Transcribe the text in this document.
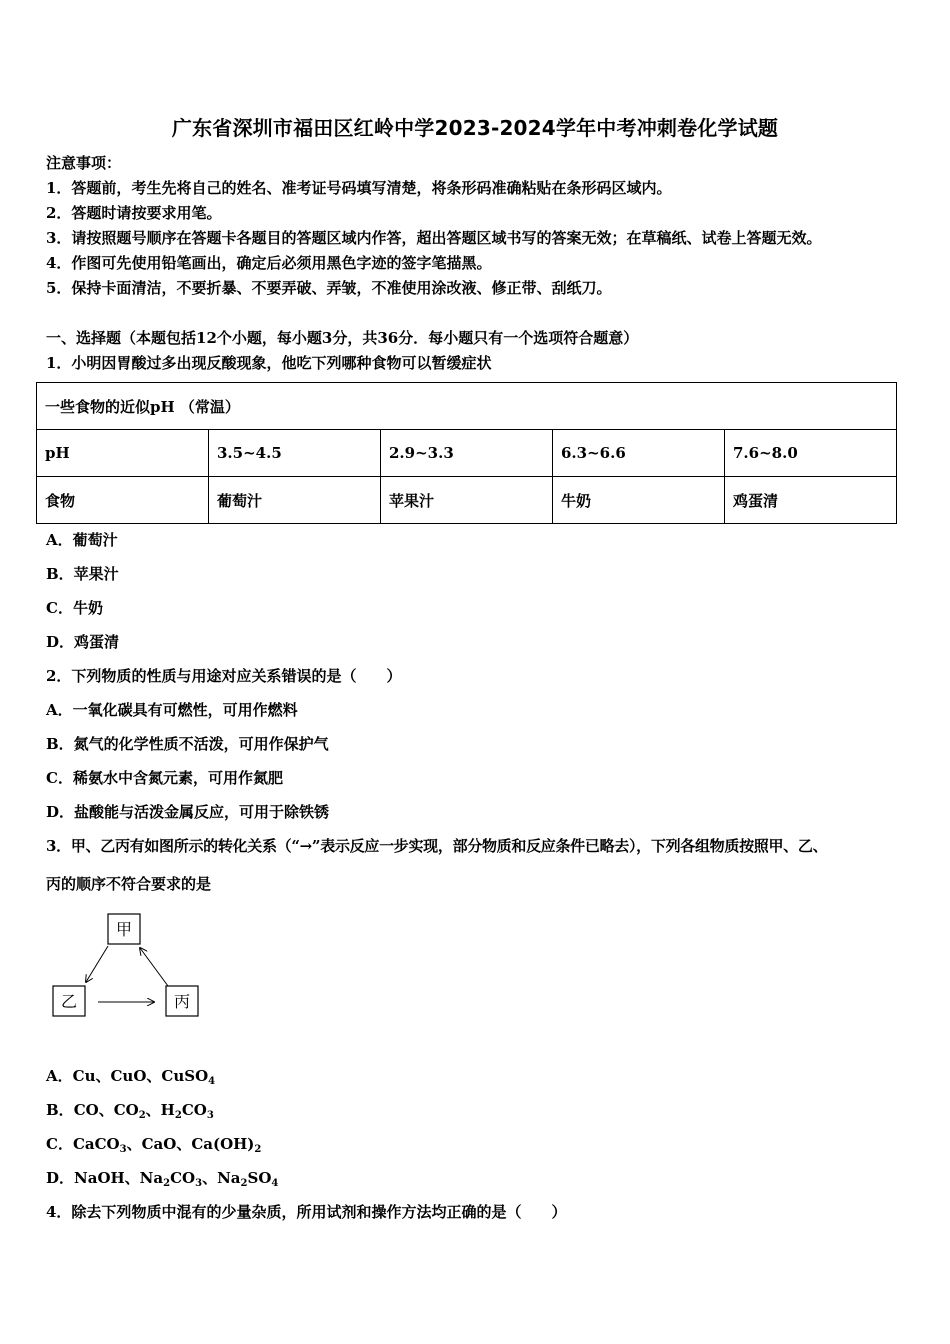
广东省深圳市福田区红岭中学2023-2024学年中考冲刺卷化学试题
注意事项：
1．答题前，考生先将自己的姓名、准考证号码填写清楚，将条形码准确粘贴在条形码区域内。
2．答题时请按要求用笔。
3．请按照题号顺序在答题卡各题目的答题区域内作答，超出答题区域书写的答案无效；在草稿纸、试卷上答题无效。
4．作图可先使用铅笔画出，确定后必须用黑色字迹的签字笔描黑。
5．保持卡面清洁，不要折暴、不要弄破、弄皱，不准使用涂改液、修正带、刮纸刀。
一、选择题（本题包括12个小题，每小题3分，共36分．每小题只有一个选项符合题意）
1．小明因胃酸过多出现反酸现象，他吃下列哪种食物可以暂缓症状
一些食物的近似pH （常温）				
pH	3.5~4.5	2.9~3.3	6.3~6.6	7.6~8.0
食物	葡萄汁	苹果汁	牛奶	鸡蛋清
A．葡萄汁
B．苹果汁
C．牛奶
D．鸡蛋清
2．下列物质的性质与用途对应关系错误的是（　　）
A．一氧化碳具有可燃性，可用作燃料
B．氮气的化学性质不活泼，可用作保护气
C．稀氨水中含氮元素，可用作氮肥
D．盐酸能与活泼金属反应，可用于除铁锈
3．甲、乙丙有如图所示的转化关系（“→”表示反应一步实现，部分物质和反应条件已略去），下列各组物质按照甲、乙、
丙的顺序不符合要求的是
甲
乙	丙
A．Cu、CuO、CuSO$_4$
B．CO、$CO_2$、$H_2CO_3$
C．CaCO$_3$、CaO、$Ca(OH)_2$
D．NaOH、$Na_2CO_3$、$Na_2SO_4$
4．除去下列物质中混有的少量杂质，所用试剂和操作方法均正确的是（　　）
